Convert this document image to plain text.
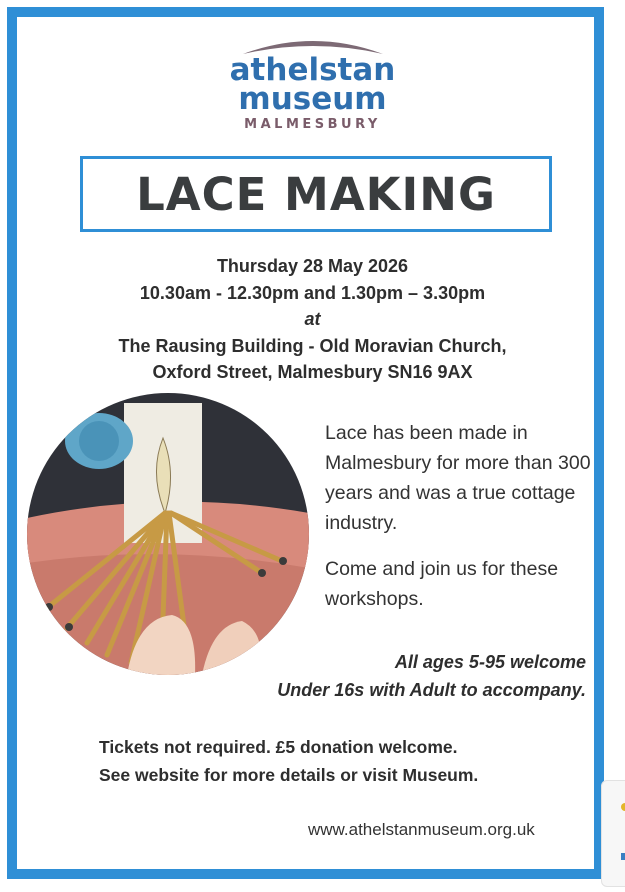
athelstan
museum
MALMESBURY
LACE MAKING
Thursday 28 May 2026
10.30am - 12.30pm and 1.30pm – 3.30pm
at
The Rausing Building - Old Moravian Church,
Oxford Street, Malmesbury SN16 9AX

Lace has been made in Malmesbury for more than 300 years and was a true cottage industry.

Come and join us for these workshops.

All ages 5-95 welcome
Under 16s with Adult to accompany.
Tickets not required. £5 donation welcome.
See website for more details or visit Museum.
www.athelstanmuseum.org.uk
